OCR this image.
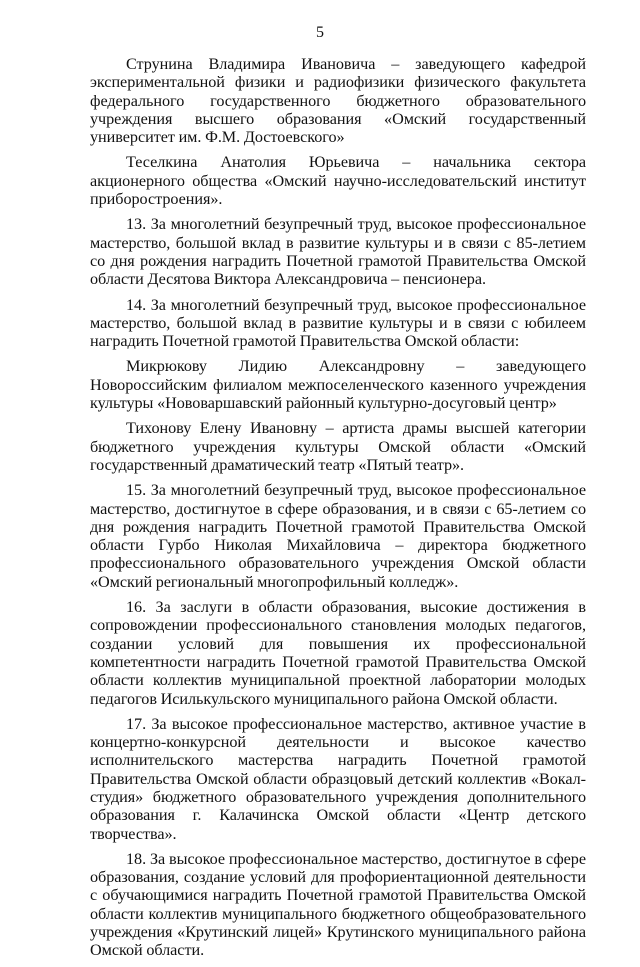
5

Струнина Владимира Ивановича – заведующего кафедрой экспериментальной физики и радиофизики физического факультета федерального государственного бюджетного образовательного учреждения высшего образования «Омский государственный университет им. Ф.М. Достоевского»

Теселкина Анатолия Юрьевича – начальника сектора акционерного общества «Омский научно-исследовательский институт приборостроения».

13. За многолетний безупречный труд, высокое профессиональное мастерство, большой вклад в развитие культуры и в связи с 85-летием со дня рождения наградить Почетной грамотой Правительства Омской области Десятова Виктора Александровича – пенсионера.

14. За многолетний безупречный труд, высокое профессиональное мастерство, большой вклад в развитие культуры и в связи с юбилеем наградить Почетной грамотой Правительства Омской области:

Микрюкову Лидию Александровну – заведующего Новороссийским филиалом межпоселенческого казенного учреждения культуры «Нововаршавский районный культурно-досуговый центр»

Тихонову Елену Ивановну – артиста драмы высшей категории бюджетного учреждения культуры Омской области «Омский государственный драматический театр «Пятый театр».

15. За многолетний безупречный труд, высокое профессиональное мастерство, достигнутое в сфере образования, и в связи с 65-летием со дня рождения наградить Почетной грамотой Правительства Омской области Гурбо Николая Михайловича – директора бюджетного профессионального образовательного учреждения Омской области «Омский региональный многопрофильный колледж».

16. За заслуги в области образования, высокие достижения в сопровождении профессионального становления молодых педагогов, создании условий для повышения их профессиональной компетентности наградить Почетной грамотой Правительства Омской области коллектив муниципальной проектной лаборатории молодых педагогов Исилькульского муниципального района Омской области.

17. За высокое профессиональное мастерство, активное участие в концертно-конкурсной деятельности и высокое качество исполнительского мастерства наградить Почетной грамотой Правительства Омской области образцовый детский коллектив «Вокал-студия» бюджетного образовательного учреждения дополнительного образования г. Калачинска Омской области «Центр детского творчества».

18. За высокое профессиональное мастерство, достигнутое в сфере образования, создание условий для профориентационной деятельности с обучающимися наградить Почетной грамотой Правительства Омской области коллектив муниципального бюджетного общеобразовательного учреждения «Крутинский лицей» Крутинского муниципального района Омской области.
